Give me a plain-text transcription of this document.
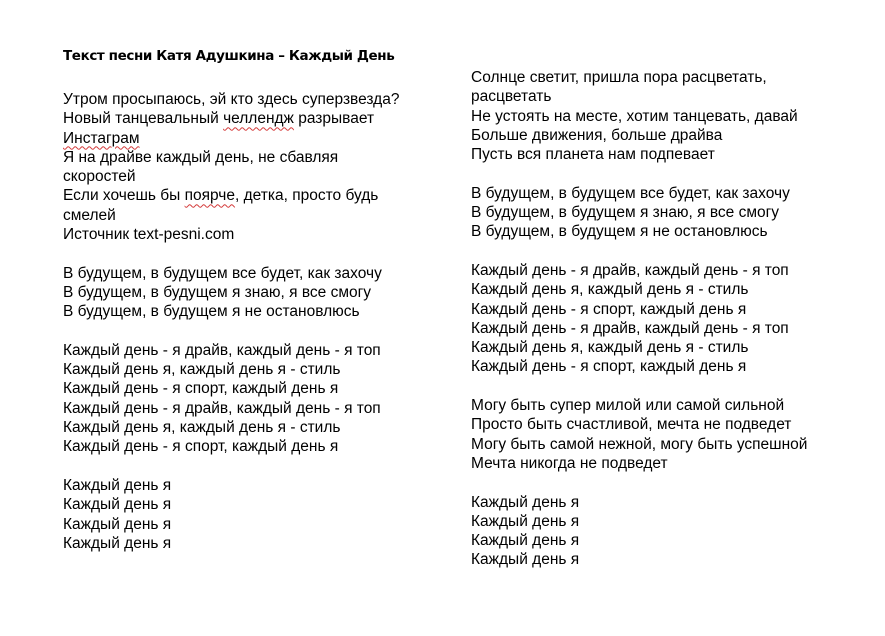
Текст песни Катя Адушкина – Каждый День
Утром просыпаюсь, эй кто здесь суперзвезда?
Новый танцевальный челлендж разрывает
Инстаграм
Я на драйве каждый день, не сбавляя
скоростей
Если хочешь бы поярче, детка, просто будь
смелей
Источник text-pesni.com
В будущем, в будущем все будет, как захочу
В будущем, в будущем я знаю, я все смогу
В будущем, в будущем я не остановлюсь
Каждый день - я драйв, каждый день - я топ
Каждый день я, каждый день я - стиль
Каждый день - я спорт, каждый день я
Каждый день - я драйв, каждый день - я топ
Каждый день я, каждый день я - стиль
Каждый день - я спорт, каждый день я
Каждый день я
Каждый день я
Каждый день я
Каждый день я
Солнце светит, пришла пора расцветать,
расцветать
Не устоять на месте, хотим танцевать, давай
Больше движения, больше драйва
Пусть вся планета нам подпевает
В будущем, в будущем все будет, как захочу
В будущем, в будущем я знаю, я все смогу
В будущем, в будущем я не остановлюсь
Каждый день - я драйв, каждый день - я топ
Каждый день я, каждый день я - стиль
Каждый день - я спорт, каждый день я
Каждый день - я драйв, каждый день - я топ
Каждый день я, каждый день я - стиль
Каждый день - я спорт, каждый день я
Могу быть супер милой или самой сильной
Просто быть счастливой, мечта не подведет
Могу быть самой нежной, могу быть успешной
Мечта никогда не подведет
Каждый день я
Каждый день я
Каждый день я
Каждый день я
